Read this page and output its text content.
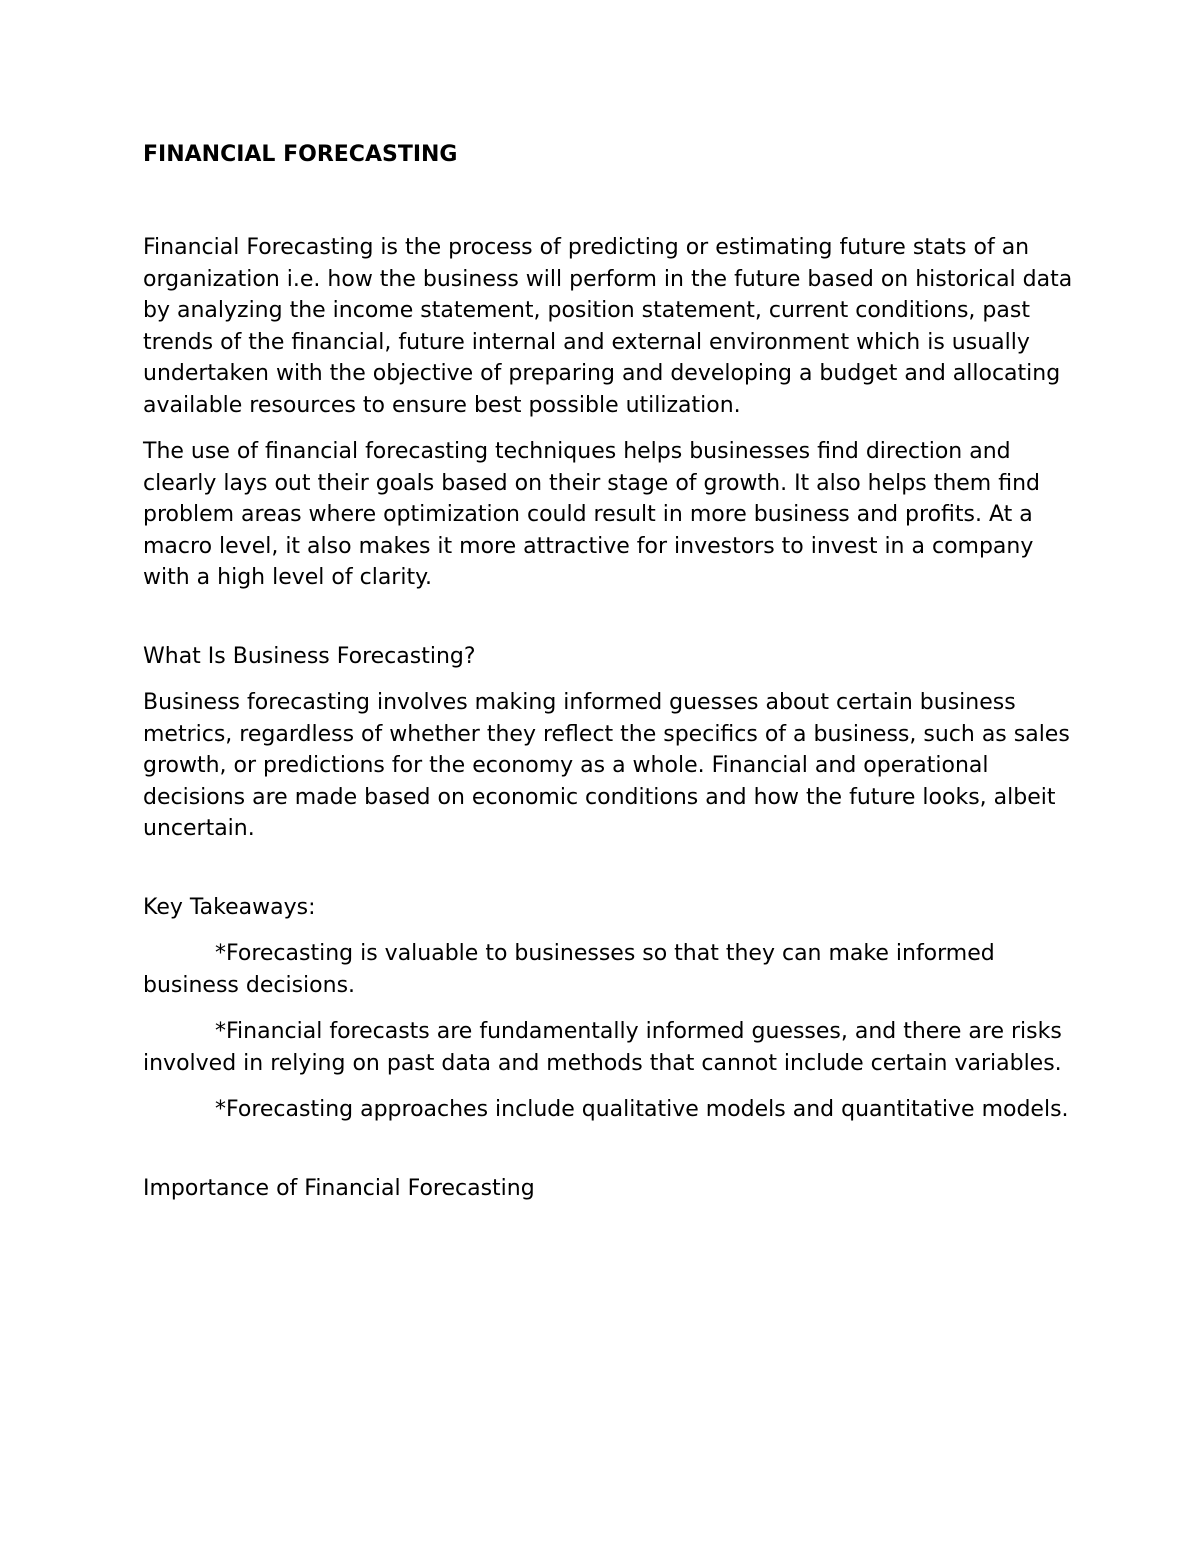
FINANCIAL FORECASTING

Financial Forecasting is the process of predicting or estimating future stats of an organization i.e. how the business will perform in the future based on historical data by analyzing the income statement, position statement, current conditions, past trends of the financial, future internal and external environment which is usually undertaken with the objective of preparing and developing a budget and allocating available resources to ensure best possible utilization.

The use of financial forecasting techniques helps businesses find direction and clearly lays out their goals based on their stage of growth. It also helps them find problem areas where optimization could result in more business and profits. At a macro level, it also makes it more attractive for investors to invest in a company with a high level of clarity.

What Is Business Forecasting?

Business forecasting involves making informed guesses about certain business metrics, regardless of whether they reflect the specifics of a business, such as sales growth, or predictions for the economy as a whole. Financial and operational decisions are made based on economic conditions and how the future looks, albeit uncertain.

Key Takeaways:

*Forecasting is valuable to businesses so that they can make informed business decisions.

*Financial forecasts are fundamentally informed guesses, and there are risks involved in relying on past data and methods that cannot include certain variables.

*Forecasting approaches include qualitative models and quantitative models.

Importance of Financial Forecasting
